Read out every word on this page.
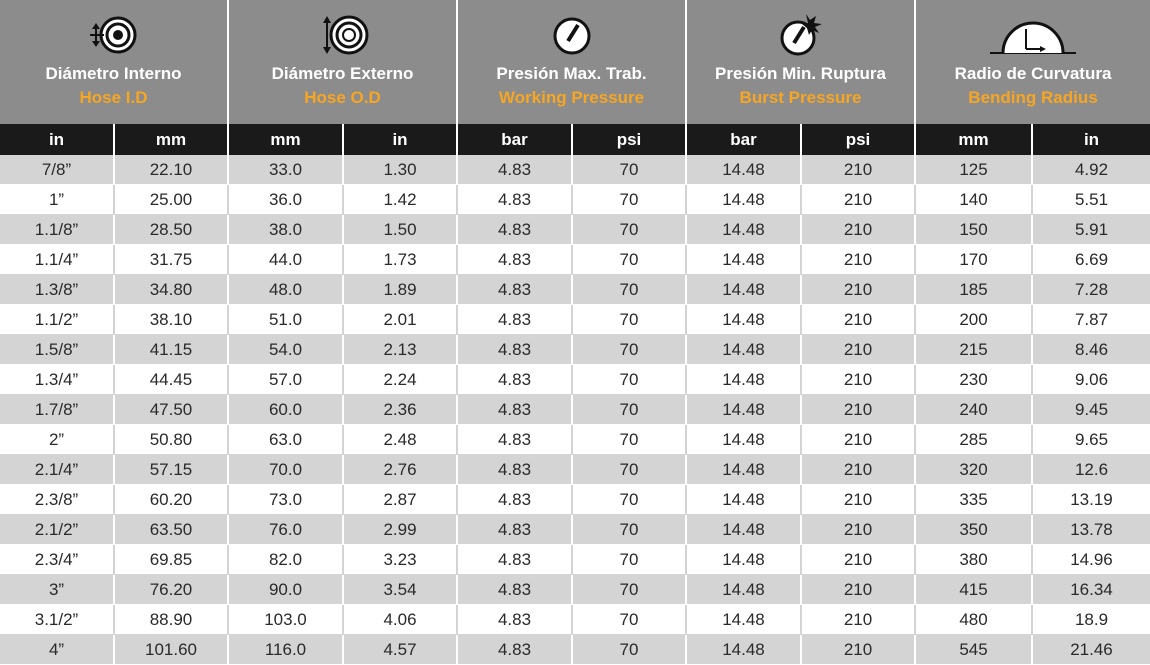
Diámetro Interno
Hose I.D
Diámetro Externo
Hose O.D
Presión Max. Trab.
Working Pressure
Presión Min. Ruptura
Burst Pressure
Radio de Curvatura
Bending Radius
in	mm	mm	in	bar	psi	bar	psi	mm	in
7/8”	22.10	33.0	1.30	4.83	70	14.48	210	125	4.92
1”	25.00	36.0	1.42	4.83	70	14.48	210	140	5.51
1.1/8”	28.50	38.0	1.50	4.83	70	14.48	210	150	5.91
1.1/4”	31.75	44.0	1.73	4.83	70	14.48	210	170	6.69
1.3/8”	34.80	48.0	1.89	4.83	70	14.48	210	185	7.28
1.1/2”	38.10	51.0	2.01	4.83	70	14.48	210	200	7.87
1.5/8”	41.15	54.0	2.13	4.83	70	14.48	210	215	8.46
1.3/4”	44.45	57.0	2.24	4.83	70	14.48	210	230	9.06
1.7/8”	47.50	60.0	2.36	4.83	70	14.48	210	240	9.45
2”	50.80	63.0	2.48	4.83	70	14.48	210	285	9.65
2.1/4”	57.15	70.0	2.76	4.83	70	14.48	210	320	12.6
2.3/8”	60.20	73.0	2.87	4.83	70	14.48	210	335	13.19
2.1/2”	63.50	76.0	2.99	4.83	70	14.48	210	350	13.78
2.3/4”	69.85	82.0	3.23	4.83	70	14.48	210	380	14.96
3”	76.20	90.0	3.54	4.83	70	14.48	210	415	16.34
3.1/2”	88.90	103.0	4.06	4.83	70	14.48	210	480	18.9
4”	101.60	116.0	4.57	4.83	70	14.48	210	545	21.46
